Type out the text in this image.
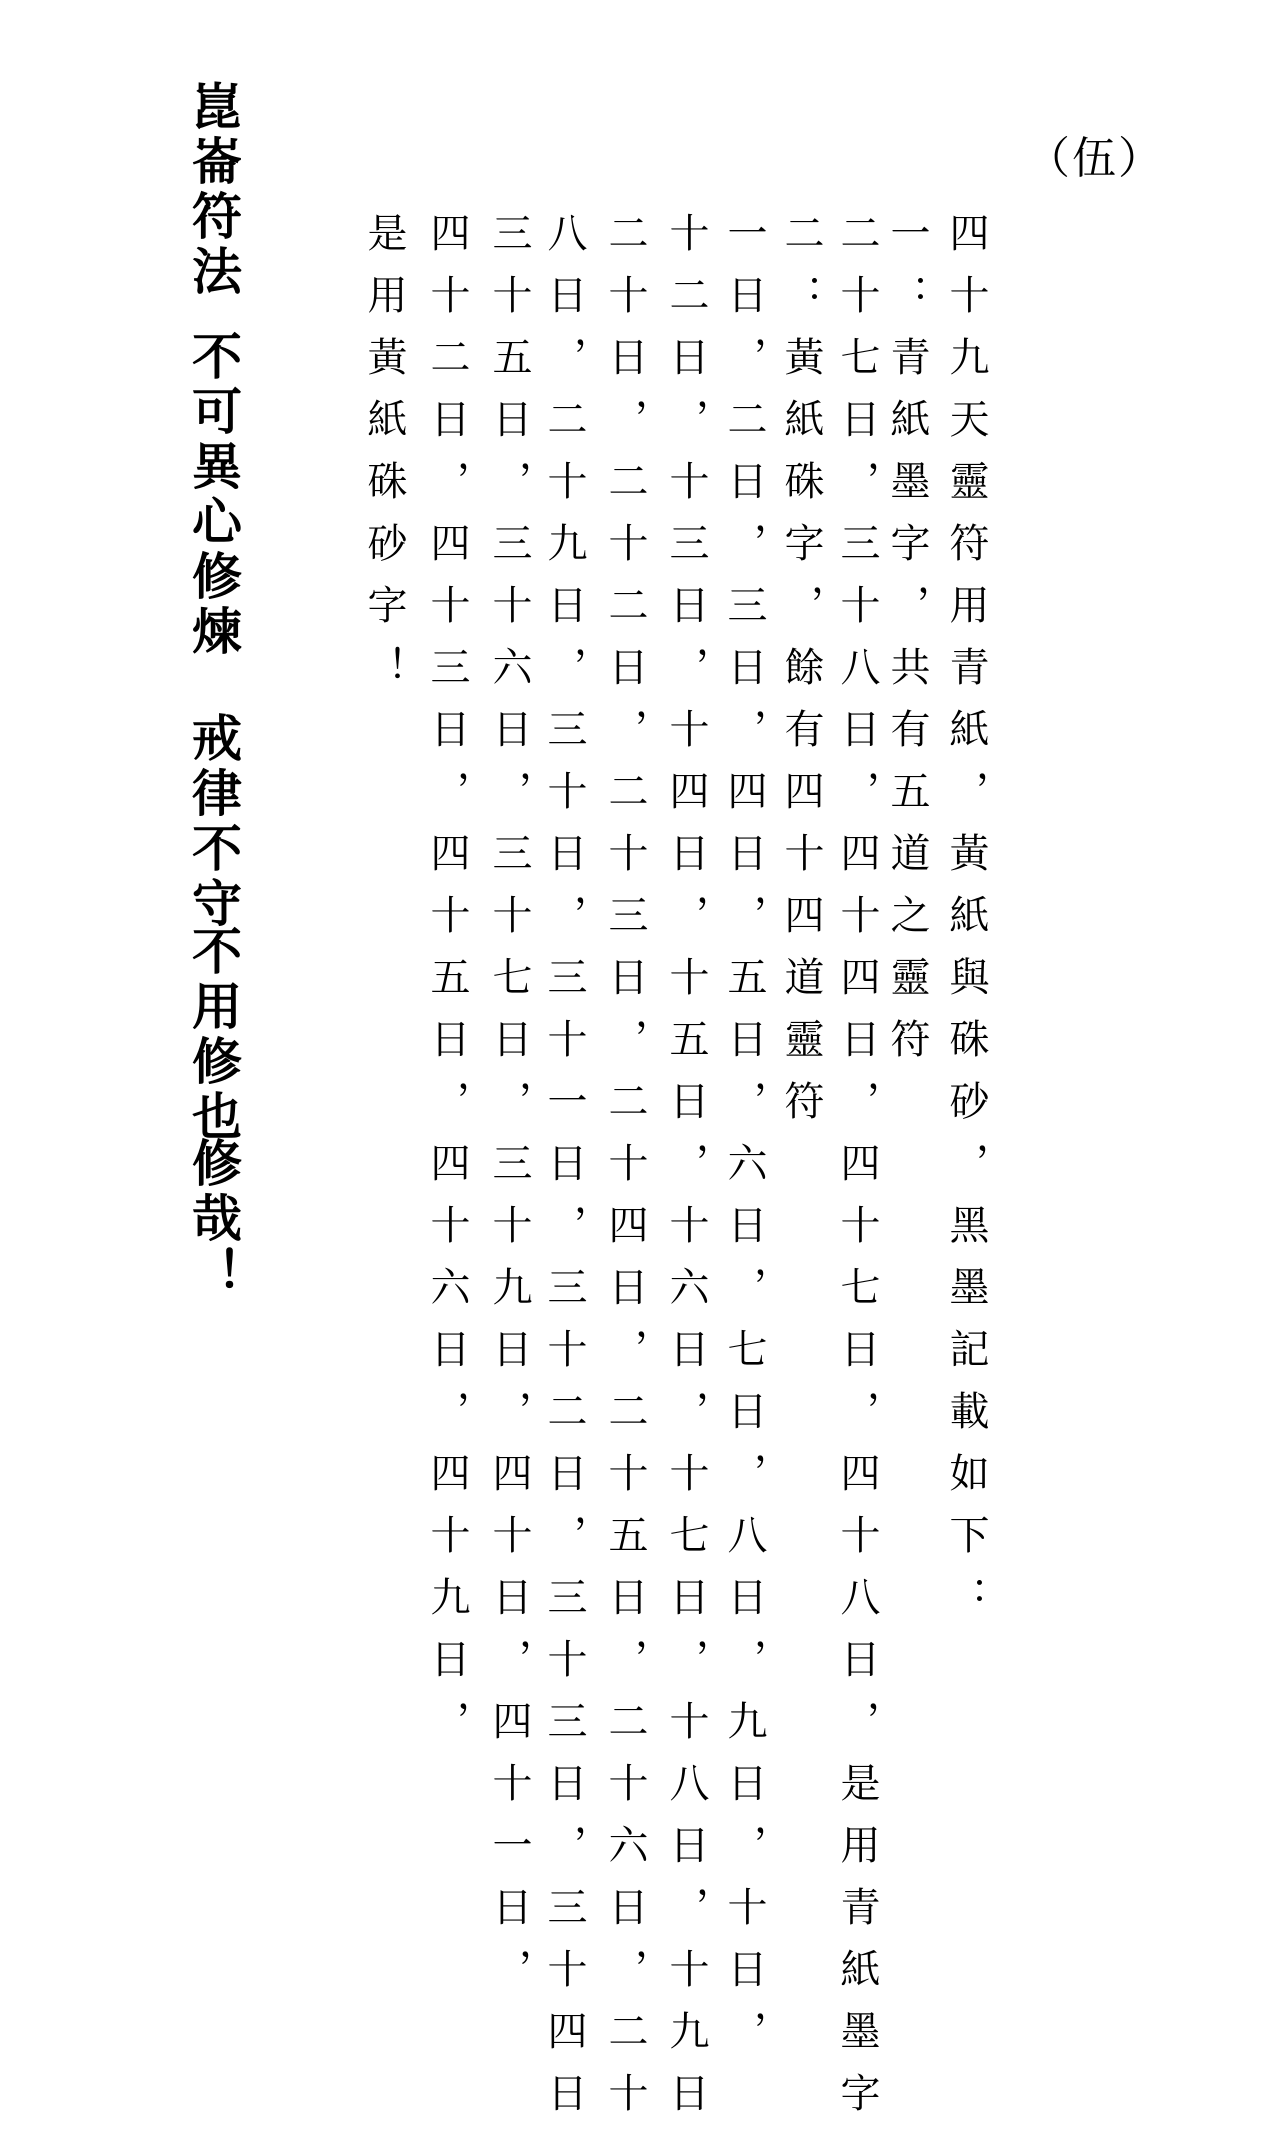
（伍）
四十九天靈符用青紙，黃紙與硃砂，黑墨記載如下：
一：青紙墨字，共有五道之靈符
二十七日，三十八日，四十四日，四十七日，四十八日，是用青紙墨字
二：黃紙硃字，餘有四十四道靈符
一日，二日，三日，四日，五日，六日，七日，八日，九日，十日，
十二日，十三日，十四日，十五日，十六日，十七日，十八日，十九日
二十日，二十二日，二十三日，二十四日，二十五日，二十六日，二十
八日，二十九日，三十日，三十一日，三十二日，三十三日，三十四日
三十五日，三十六日，三十七日，三十九日，四十日，四十一日，
四十二日，四十三日，四十五日，四十六日，四十九日，
是用黃紙硃砂字！
崑崙符法
不可異心修煉
戒律不守
不用修也
修哉！
